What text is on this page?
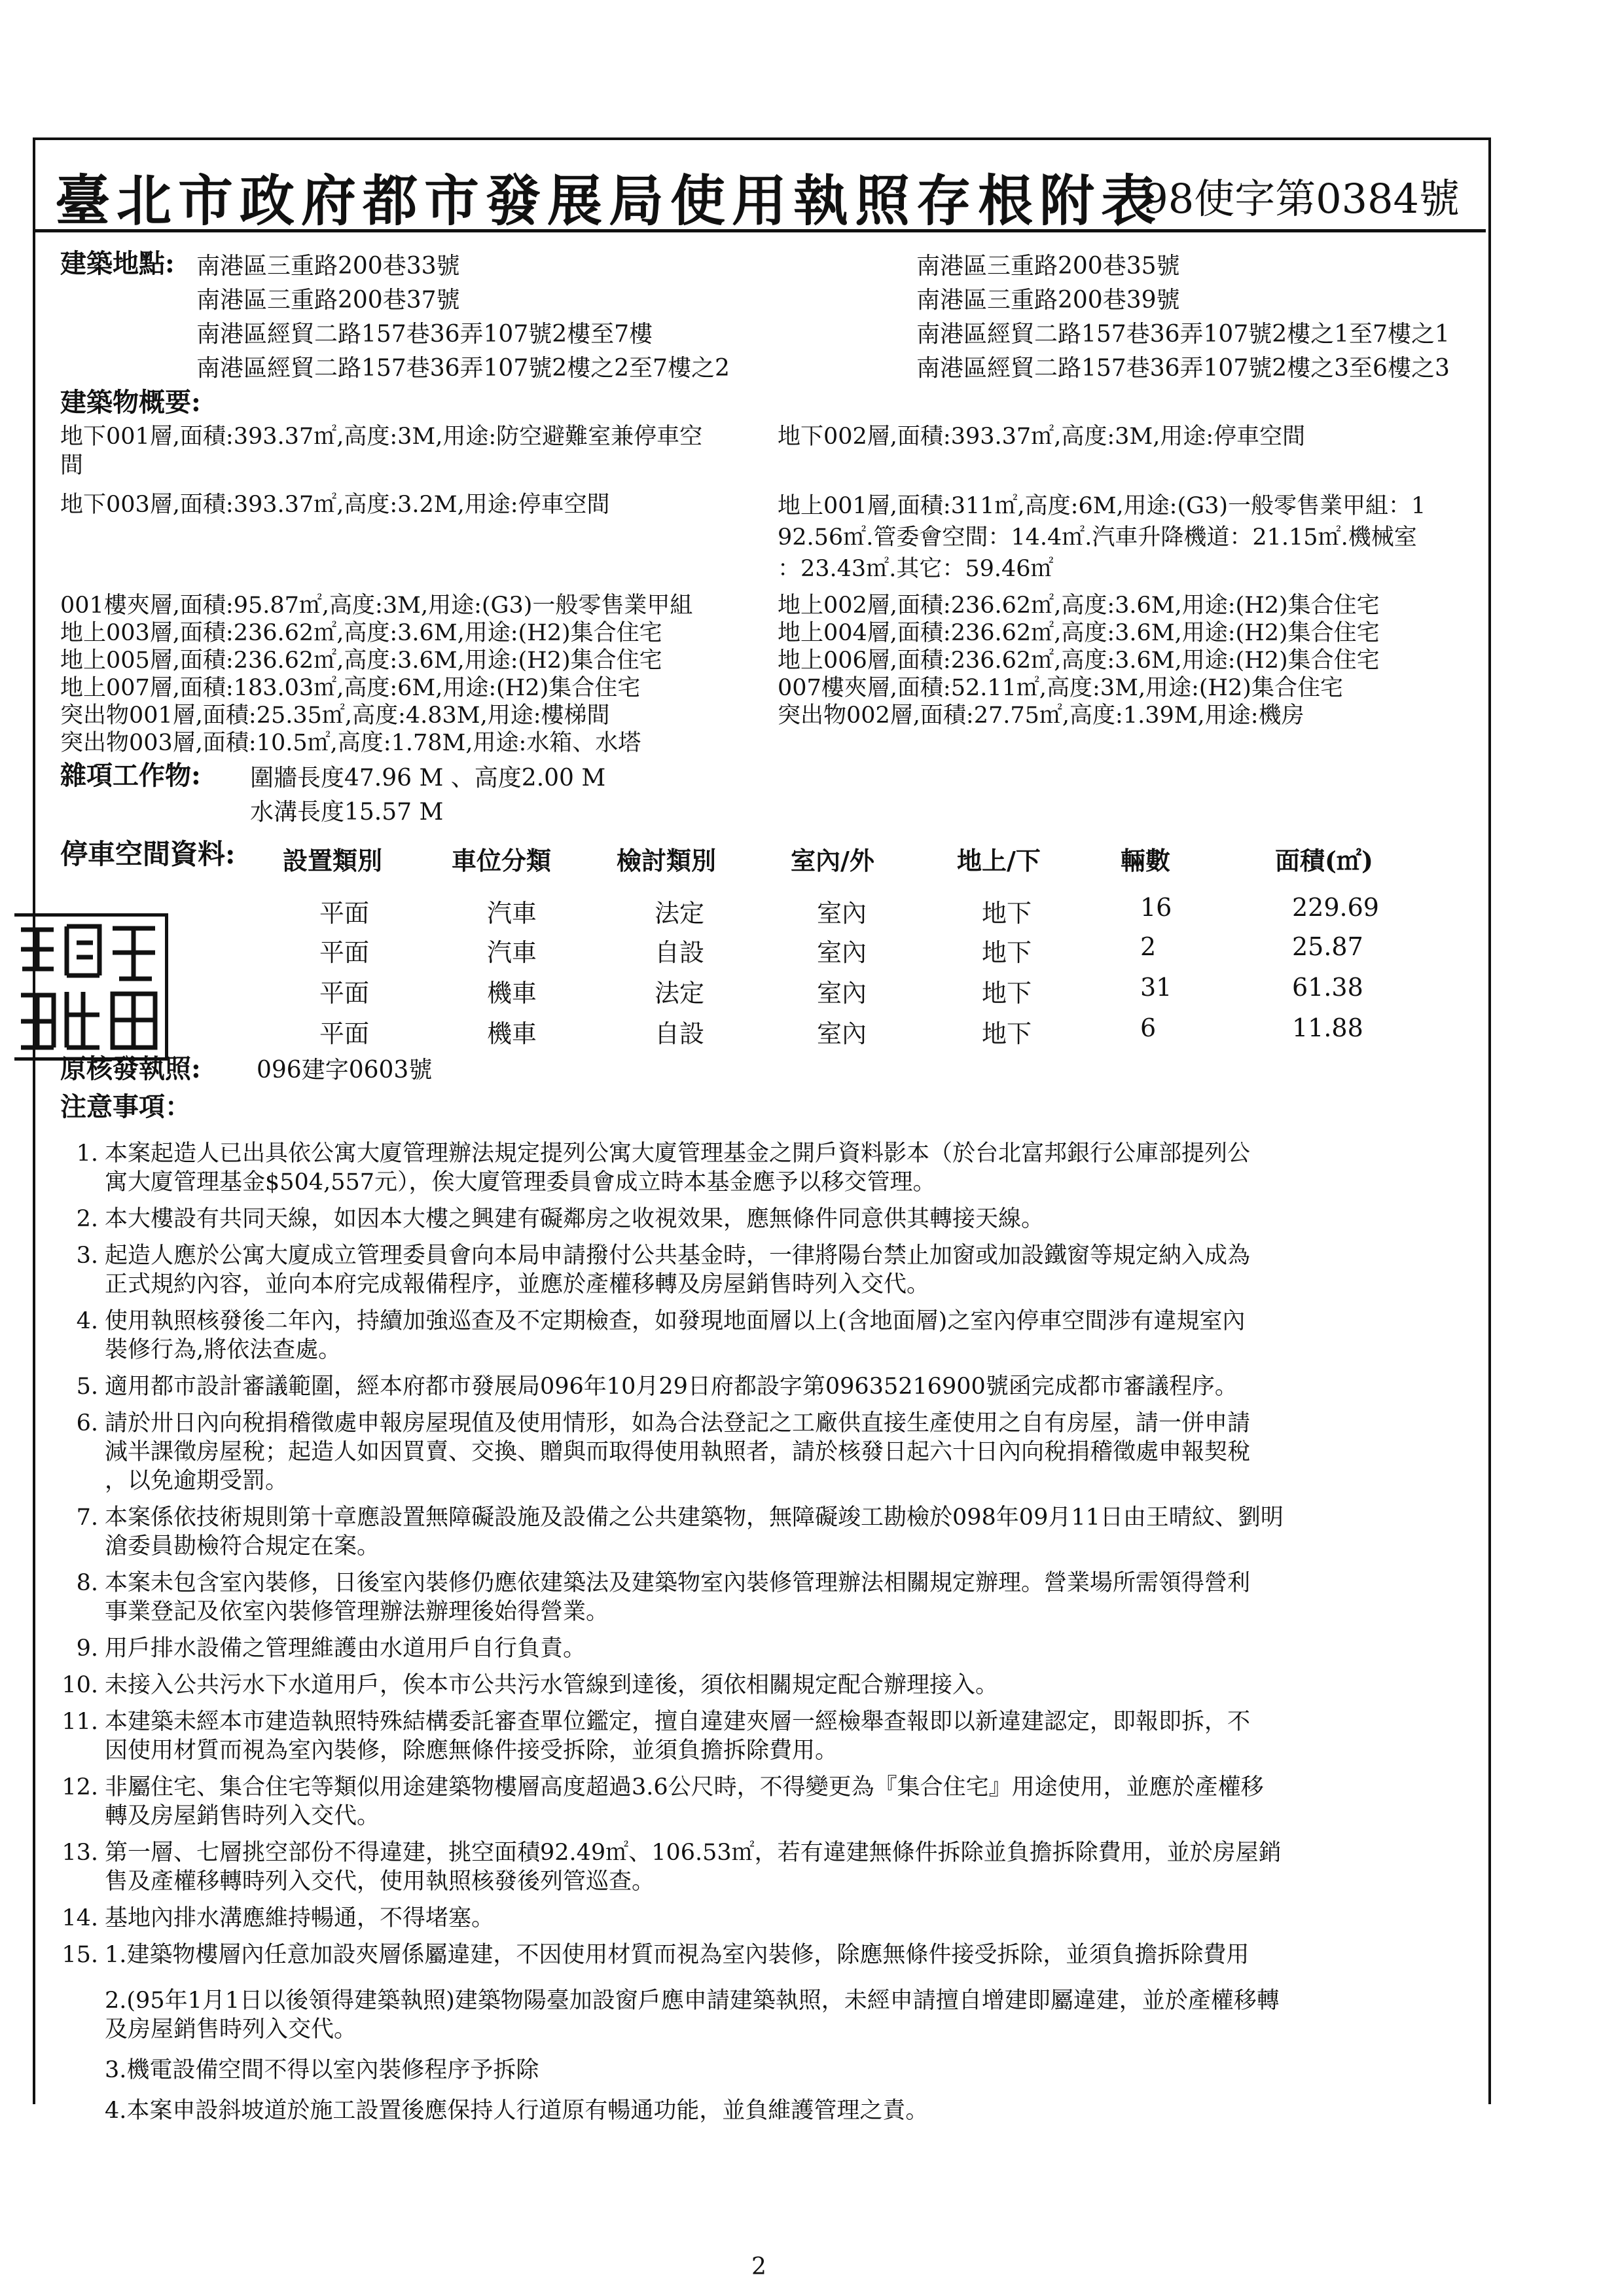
臺北市政府都市發展局使用執照存根附表
98使字第0384號
建築地點: 南港區三重路200巷33號	南港區三重路200巷35號
南港區三重路200巷37號	南港區三重路200巷39號
南港區經貿二路157巷36弄107號2樓至7樓	南港區經貿二路157巷36弄107號2樓之1至7樓之1
南港區經貿二路157巷36弄107號2樓之2至7樓之2	南港區經貿二路157巷36弄107號2樓之3至6樓之3
建築物概要:
地下001層,面積:393.37㎡,高度:3M,用途:防空避難室兼停車空
間
地下002層,面積:393.37㎡,高度:3M,用途:停車空間
地下003層,面積:393.37㎡,高度:3.2M,用途:停車空間	地上001層,面積:311㎡,高度:6M,用途:(G3)一般零售業甲組：1
92.56㎡.管委會空間：14.4㎡.汽車升降機道：21.15㎡.機械室
：23.43㎡.其它：59.46㎡
001樓夾層,面積:95.87㎡,高度:3M,用途:(G3)一般零售業甲組	地上002層,面積:236.62㎡,高度:3.6M,用途:(H2)集合住宅
地上003層,面積:236.62㎡,高度:3.6M,用途:(H2)集合住宅	地上004層,面積:236.62㎡,高度:3.6M,用途:(H2)集合住宅
地上005層,面積:236.62㎡,高度:3.6M,用途:(H2)集合住宅	地上006層,面積:236.62㎡,高度:3.6M,用途:(H2)集合住宅
地上007層,面積:183.03㎡,高度:6M,用途:(H2)集合住宅	007樓夾層,面積:52.11㎡,高度:3M,用途:(H2)集合住宅
突出物001層,面積:25.35㎡,高度:4.83M,用途:樓梯間	突出物002層,面積:27.75㎡,高度:1.39M,用途:機房
突出物003層,面積:10.5㎡,高度:1.78M,用途:水箱、水塔
雜項工作物: 圍牆長度47.96 M 、高度2.00 M
水溝長度15.57 M
停車空間資料: 設置類別	車位分類	檢討類別	室內/外	地上/下	輛數	面積(㎡)
平面	汽車	法定	室內	地下	16	229.69
平面	汽車	自設	室內	地下	2	25.87
平面	機車	法定	室內	地下	31	61.38
平面	機車	自設	室內	地下	6	11.88
原核發執照: 096建字0603號
注意事項：
1. 本案起造人已出具依公寓大廈管理辦法規定提列公寓大廈管理基金之開戶資料影本（於台北富邦銀行公庫部提列公
寓大廈管理基金$504,557元），俟大廈管理委員會成立時本基金應予以移交管理。
2. 本大樓設有共同天線，如因本大樓之興建有礙鄰房之收視效果，應無條件同意供其轉接天線。
3. 起造人應於公寓大廈成立管理委員會向本局申請撥付公共基金時，一律將陽台禁止加窗或加設鐵窗等規定納入成為
正式規約內容，並向本府完成報備程序，並應於產權移轉及房屋銷售時列入交代。
4. 使用執照核發後二年內，持續加強巡查及不定期檢查，如發現地面層以上(含地面層)之室內停車空間涉有違規室內
裝修行為,將依法查處。
5. 適用都市設計審議範圍，經本府都市發展局096年10月29日府都設字第09635216900號函完成都市審議程序。
6. 請於卅日內向稅捐稽徵處申報房屋現值及使用情形，如為合法登記之工廠供直接生產使用之自有房屋，請一併申請
減半課徵房屋稅；起造人如因買賣、交換、贈與而取得使用執照者，請於核發日起六十日內向稅捐稽徵處申報契稅
，以免逾期受罰。
7. 本案係依技術規則第十章應設置無障礙設施及設備之公共建築物，無障礙竣工勘檢於098年09月11日由王晴紋、劉明
滄委員勘檢符合規定在案。
8. 本案未包含室內裝修，日後室內裝修仍應依建築法及建築物室內裝修管理辦法相關規定辦理。營業場所需領得營利
事業登記及依室內裝修管理辦法辦理後始得營業。
9. 用戶排水設備之管理維護由水道用戶自行負責。
10. 未接入公共污水下水道用戶，俟本市公共污水管線到達後，須依相關規定配合辦理接入。
11. 本建築未經本市建造執照特殊結構委託審查單位鑑定，擅自違建夾層一經檢舉查報即以新違建認定，即報即拆，不
因使用材質而視為室內裝修，除應無條件接受拆除，並須負擔拆除費用。
12. 非屬住宅、集合住宅等類似用途建築物樓層高度超過3.6公尺時，不得變更為『集合住宅』用途使用，並應於產權移
轉及房屋銷售時列入交代。
13. 第一層、七層挑空部份不得違建，挑空面積92.49㎡、106.53㎡，若有違建無條件拆除並負擔拆除費用，並於房屋銷
售及產權移轉時列入交代，使用執照核發後列管巡查。
14. 基地內排水溝應維持暢通，不得堵塞。
15. 1.建築物樓層內任意加設夾層係屬違建，不因使用材質而視為室內裝修，除應無條件接受拆除，並須負擔拆除費用
2.(95年1月1日以後領得建築執照)建築物陽臺加設窗戶應申請建築執照，未經申請擅自增建即屬違建，並於產權移轉
及房屋銷售時列入交代。
3.機電設備空間不得以室內裝修程序予拆除
4.本案申設斜坡道於施工設置後應保持人行道原有暢通功能，並負維護管理之責。
2
